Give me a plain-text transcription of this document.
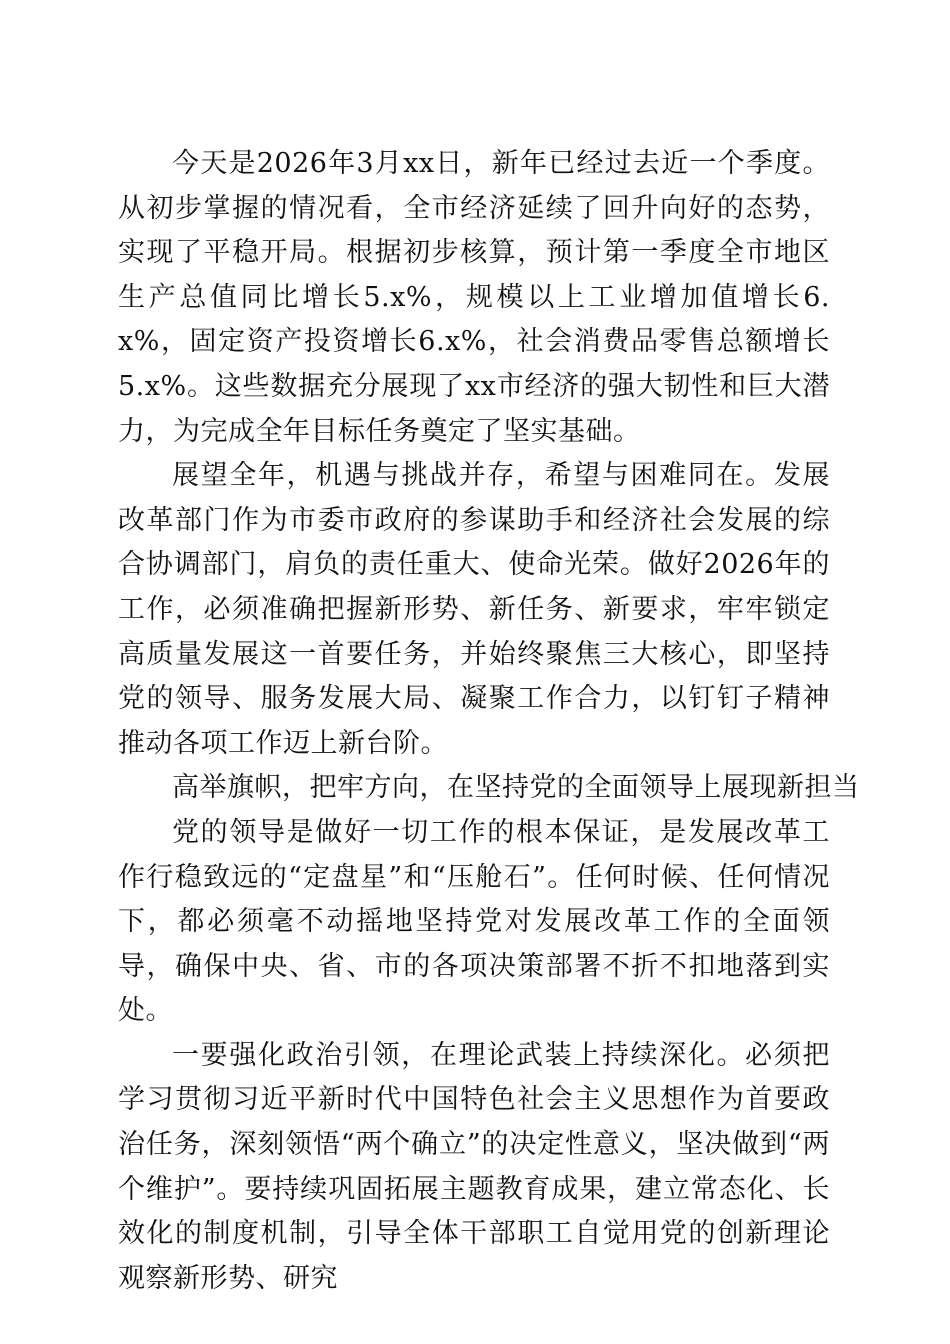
今天是2026年3月xx日，新年已经过去近一个季度。从初步掌握的情况看，全市经济延续了回升向好的态势，实现了平稳开局。根据初步核算，预计第一季度全市地区生产总值同比增长5.x%，规模以上工业增加值增长6.x%，固定资产投资增长6.x%，社会消费品零售总额增长5.x%。这些数据充分展现了xx市经济的强大韧性和巨大潜力，为完成全年目标任务奠定了坚实基础。

展望全年，机遇与挑战并存，希望与困难同在。发展改革部门作为市委市政府的参谋助手和经济社会发展的综合协调部门，肩负的责任重大、使命光荣。做好2026年的工作，必须准确把握新形势、新任务、新要求，牢牢锁定高质量发展这一首要任务，并始终聚焦三大核心，即坚持党的领导、服务发展大局、凝聚工作合力，以钉钉子精神推动各项工作迈上新台阶。

高举旗帜，把牢方向，在坚持党的全面领导上展现新担当

党的领导是做好一切工作的根本保证，是发展改革工作行稳致远的“定盘星”和“压舱石”。任何时候、任何情况下，都必须毫不动摇地坚持党对发展改革工作的全面领导，确保中央、省、市的各项决策部署不折不扣地落到实处。

一要强化政治引领，在理论武装上持续深化。必须把学习贯彻习近平新时代中国特色社会主义思想作为首要政治任务，深刻领悟“两个确立”的决定性意义，坚决做到“两个维护”。要持续巩固拓展主题教育成果，建立常态化、长效化的制度机制，引导全体干部职工自觉用党的创新理论观察新形势、研究
